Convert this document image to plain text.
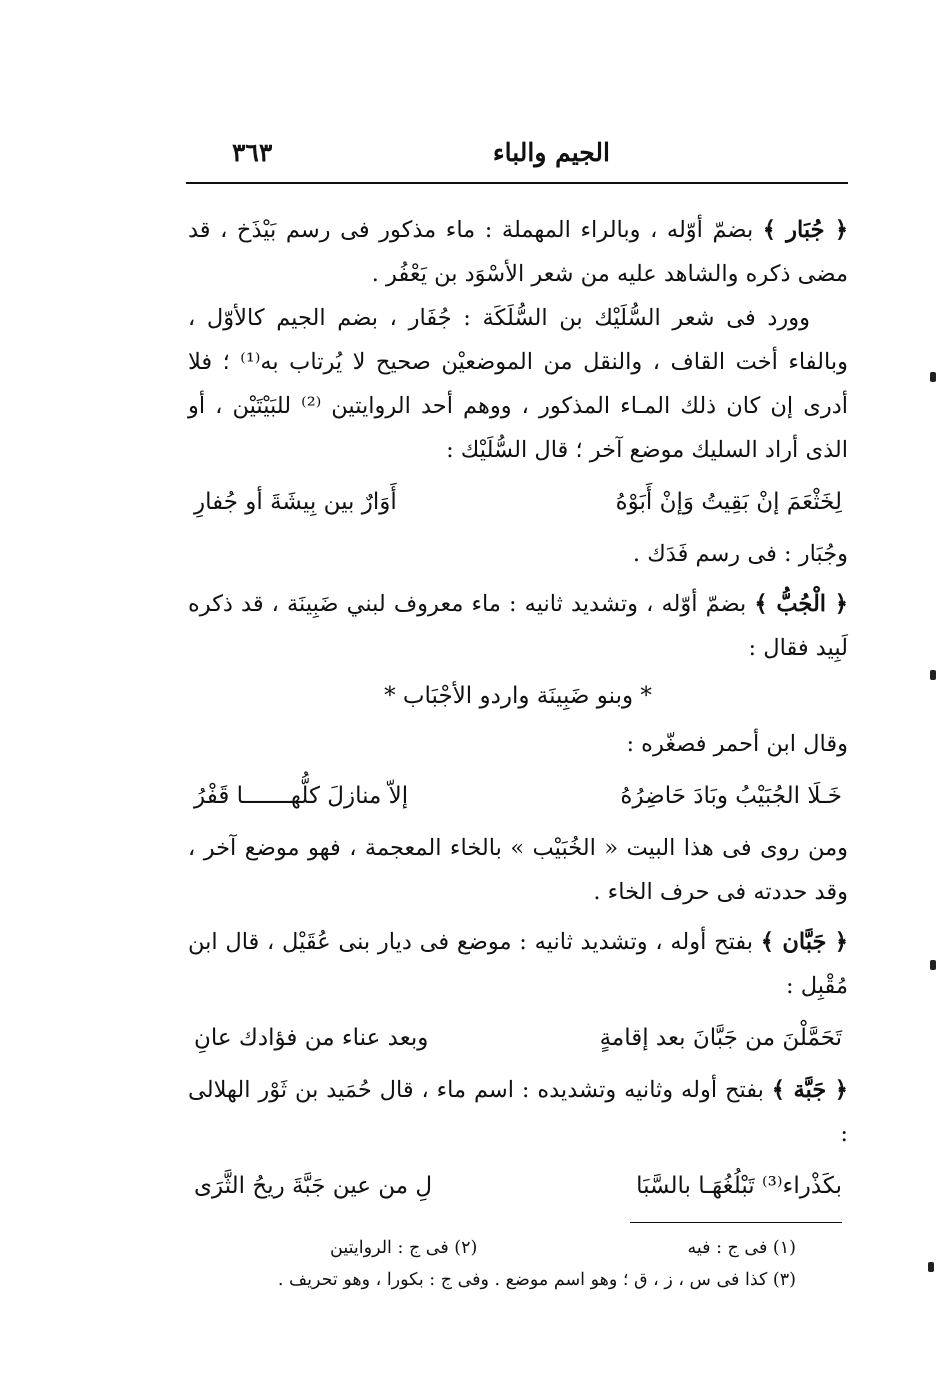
الجيم والباء
٣٦٣

﴿ جُبَار ﴾ بضمّ أوّله ، وبالراء المهملة : ماء مذكور فى رسم بَيْذَخ ، قد مضى ذكره والشاهد عليه من شعر الأسْوَد بن يَعْفُر .

وورد فى شعر السُّلَيْك بن السُّلَكَة : جُفَار ، بضم الجيم كالأوّل ، وبالفاء أخت القاف ، والنقل من الموضعيْن صحيح لا يُرتاب به⁽¹⁾ ؛ فلا أدرى إن كان ذلك المـاء المذكور ، ووهم أحد الروايتين ⁽²⁾ للبَيْتَيْن ، أو الذى أراد السليك موضع آخر ؛ قال السُّلَيْك :

لِخَثْعَمَ إنْ بَقِيتُ وَإنْ أَبَوْهُ
أَوَارٌ بين بِيشَةَ أو جُفارِ

وجُبَار : فى رسم فَدَك .

﴿ الْجُبُّ ﴾ بضمّ أوّله ، وتشديد ثانيه : ماء معروف لبني ضَبِينَة ، قد ذكره لَبِيد فقال :

* وبنو ضَبِينَة واردو الأجْبَاب *

وقال ابن أحمر فصغّره :

خَـلَا الجُبَيْبُ وبَادَ حَاضِرُهُ
إلاّ منازلَ كلُّهـــــــا قَفْرُ

ومن روى فى هذا البيت « الخُبَيْب » بالخاء المعجمة ، فهو موضع آخر ، وقد حددته فى حرف الخاء .

﴿ جَبَّان ﴾ بفتح أوله ، وتشديد ثانيه : موضع فى ديار بنى عُقَيْل ، قال ابن مُقْبِل :

تَحَمَّلْنَ من جَبَّانَ بعد إقامةٍ
وبعد عناء من فؤادك عانِ

﴿ جَبَّة ﴾ بفتح أوله وثانيه وتشديده : اسم ماء ، قال حُمَيد بن ثَوْر الهلالى :

بكَذْراء⁽³⁾ تَبْلُغُهَـا بالسَّبَا
لِ من عين جَبَّةَ ريحُ الثَّرَى
(١) فى ج : فيه
(٢) فى ج : الروايتين
(٣) كذا فى س ، ز ، ق ؛ وهو اسم موضع . وفى ج : بكورا ، وهو تحريف .
